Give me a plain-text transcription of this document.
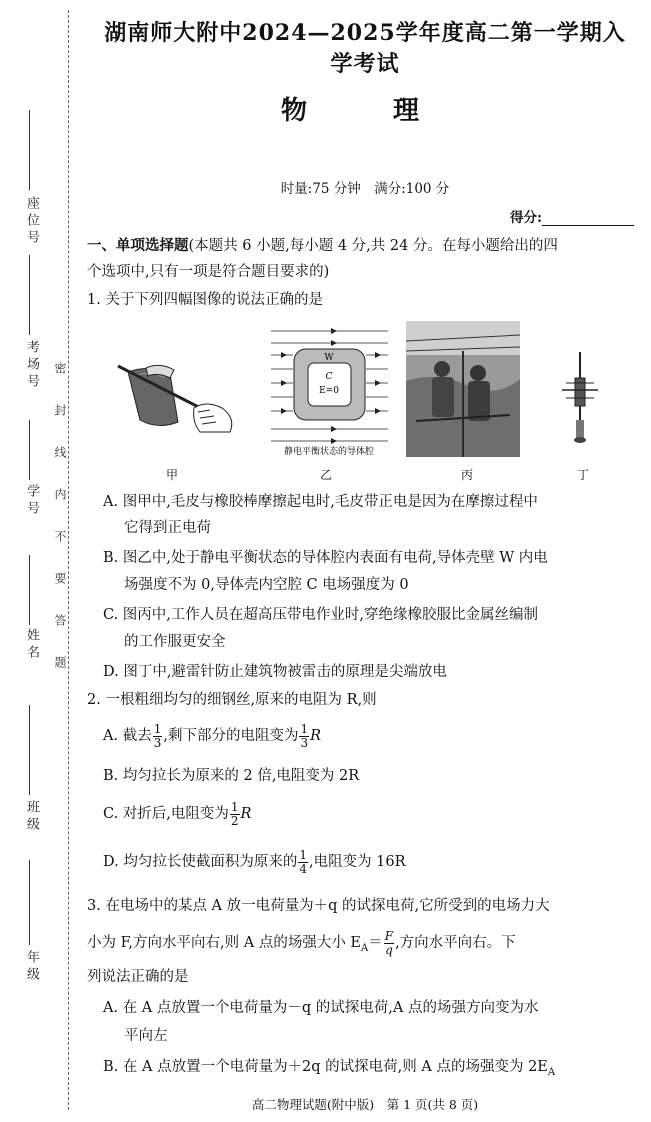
座位号
考场号
学号
姓名
班级
年级
密封线内不要答题
湖南师大附中2024—2025学年度高二第一学期入学考试
物　理
时量:75 分钟　满分:100 分
得分:
一、单项选择题(本题共 6 小题,每小题 4 分,共 24 分。在每小题给出的四
个选项中,只有一项是符合题目要求的)
1. 关于下列四幅图像的说法正确的是
W
C
E=0
静电平衡状态的导体腔
甲	乙	丙	丁
A. 图甲中,毛皮与橡胶棒摩擦起电时,毛皮带正电是因为在摩擦过程中
它得到正电荷
B. 图乙中,处于静电平衡状态的导体腔内表面有电荷,导体壳壁 W 内电
场强度不为 0,导体壳内空腔 C 电场强度为 0
C. 图丙中,工作人员在超高压带电作业时,穿绝缘橡胶服比金属丝编制
的工作服更安全
D. 图丁中,避雷针防止建筑物被雷击的原理是尖端放电
2. 一根粗细均匀的细钢丝,原来的电阻为 R,则
A. 截去 $\frac{1}{3}$ ,剩下部分的电阻变为 $\frac{1}{3}$ R
B. 均匀拉长为原来的 2 倍,电阻变为 2R
C. 对折后,电阻变为 $\frac{1}{2}$ R
D. 均匀拉长使截面积为原来的 $\frac{1}{4}$ ,电阻变为 16R
3. 在电场中的某点 A 放一电荷量为＋q 的试探电荷,它所受到的电场力大
小为 F,方向水平向右,则 A 点的场强大小 $E_A= \frac{F}{q}$ ,方向水平向右。下
列说法正确的是
A. 在 A 点放置一个电荷量为－q 的试探电荷,A 点的场强方向变为水
平向左
B. 在 A 点放置一个电荷量为＋2q 的试探电荷,则 A 点的场强变为 $2E_A$
高二物理试题(附中版)　第 1 页(共 8 页)
